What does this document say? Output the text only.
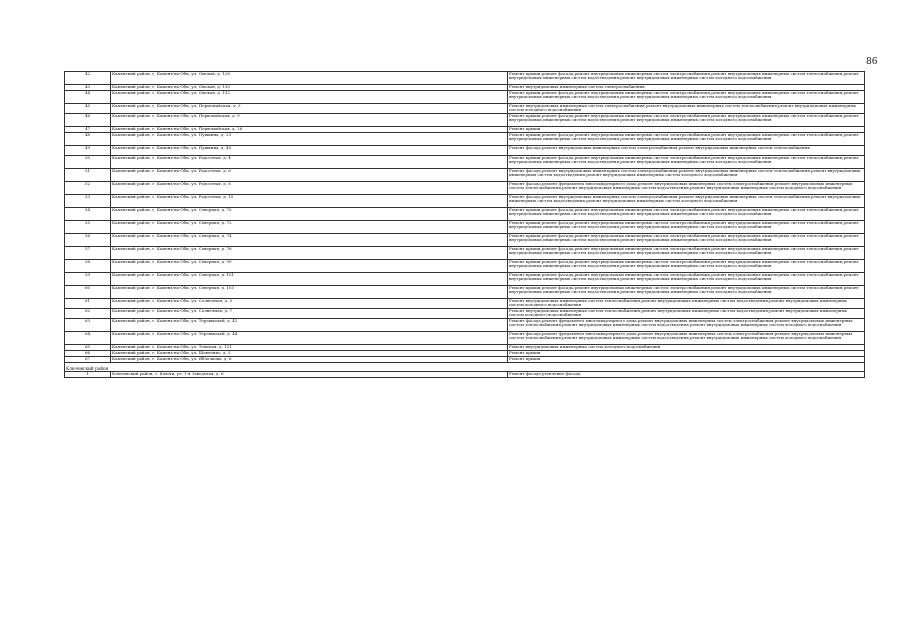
86
42	Каменский район, г. Камень-на-Оби, ул. Омская, д. 128	Ремонт крыши,ремонт фасада,ремонт внутридомовых инженерных систем электроснабжения,ремонт внутридомовых инженерных систем теплоснабжения,ремонт внутридомовых инженерных систем водоотведения,ремонт внутридомовых инженерных систем холодного водоснабжения
43	Каменский район, г. Камень-на-Оби, ул. Омская, д. 130	Ремонт внутридомовых инженерных систем электроснабжения
44	Каменский район, г. Камень-на-Оби, ул. Омская, д. 132	Ремонт крыши,ремонт фасада,ремонт внутридомовых инженерных систем электроснабжения,ремонт внутридомовых инженерных систем теплоснабжения,ремонт внутридомовых инженерных систем водоотведения,ремонт внутридомовых инженерных систем холодного водоснабжения
45	Каменский район, г. Камень-на-Оби, ул. Пермомайская, д. 3	Ремонт внутридомовых инженерных систем электроснабжения,ремонт внутридомовых инженерных систем теплоснабжения,ремонт внутридомовых инженерных систем холодного водоснабжения
46	Каменский район, г. Камень-на-Оби, ул. Первомайская, д. 9	Ремонт крыши,ремонт фасада,ремонт внутридомовых инженерных систем электроснабжения,ремонт внутридомовых инженерных систем теплоснабжения,ремонт внутридомовых инженерных систем водоотведения,ремонт внутридомовых инженерных систем холодного водоснабжения
47	Каменский район, г. Камень-на-Оби, ул. Первомайская, д. 26	Ремонт крыши
48	Каменский район, г. Камень-на-Оби, ул. Пушкина, д. 23	Ремонт крыши,ремонт фасада,ремонт внутридомовых инженерных систем электроснабжения,ремонт внутридомовых инженерных систем теплоснабжения,ремонт внутридомовых инженерных систем водоотведения,ремонт внутридомовых инженерных систем холодного водоснабжения
49	Каменский район, г. Камень-на-Оби, ул. Пушкина, д. 40	Ремонт фасада,ремонт внутридомовых инженерных систем электроснабжения,ремонт внутридомовых инженерных систем теплоснабжения
50	Каменский район, г. Камень-на-Оби, ул. Радостная, д. 4	Ремонт крыши,ремонт фасада,ремонт внутридомовых инженерных систем электроснабжения,ремонт внутридомовых инженерных систем теплоснабжения,ремонт внутридомовых инженерных систем водоотведения,ремонт внутридомовых инженерных систем холодного водоснабжения
51	Каменский район, г. Камень-на-Оби, ул. Радостная, д. 6	Ремонт фасада,ремонт внутридомовых инженерных систем электроснабжения,ремонт внутридомовых инженерных систем теплоснабжения,ремонт внутридомовых инженерных систем водоотведения,ремонт внутридомовых инженерных систем холодного водоснабжения
52	Каменский район, г. Камень-на-Оби, ул. Радостная, д. 8	Ремонт фасада,ремонт фундамента многоквартирного дома,ремонт внутридомовых инженерных систем электроснабжения,ремонт внутридомовых инженерных систем теплоснабжения,ремонт внутридомовых инженерных систем водоотведения,ремонт внутридомовых инженерных систем холодного водоснабжения
53	Каменский район, г. Камень-на-Оби, ул. Радостная, д. 10	Ремонт фасада,ремонт внутридомовых инженерных систем электроснабжения,ремонт внутридомовых инженерных систем теплоснабжения,ремонт внутридомовых инженерных систем водоотведения,ремонт внутридомовых инженерных систем холодного водоснабжения
54	Каменский район, г. Камень-на-Оби, ул. Северная, д. 70	Ремонт крыши,ремонт фасада,ремонт внутридомовых инженерных систем электроснабжения,ремонт внутридомовых инженерных систем теплоснабжения,ремонт внутридомовых инженерных систем водоотведения,ремонт внутридомовых инженерных систем холодного водоснабжения
55	Каменский район, г. Камень-на-Оби, ул. Северная, д. 72	Ремонт крыши,ремонт фасада,ремонт внутридомовых инженерных систем электроснабжения,ремонт внутридомовых инженерных систем теплоснабжения,ремонт внутридомовых инженерных систем водоотведения,ремонт внутридомовых инженерных систем холодного водоснабжения
56	Каменский район, г. Камень-на-Оби, ул. Северная, д. 74	Ремонт крыши,ремонт фасада,ремонт внутридомовых инженерных систем электроснабжения,ремонт внутридомовых инженерных систем теплоснабжения,ремонт внутридомовых инженерных систем водоотведения,ремонт внутридомовых инженерных систем холодного водоснабжения
57	Каменский район, г. Камень-на-Оби, ул. Северная, д. 76	Ремонт крыши,ремонт фасада,ремонт внутридомовых инженерных систем электроснабжения,ремонт внутридомовых инженерных систем теплоснабжения,ремонт внутридомовых инженерных систем водоотведения,ремонт внутридомовых инженерных систем холодного водоснабжения
58	Каменский район, г. Камень-на-Оби, ул. Северная, д. 99	Ремонт крыши,ремонт фасада,ремонт внутридомовых инженерных систем электроснабжения,ремонт внутридомовых инженерных систем теплоснабжения,ремонт внутридомовых инженерных систем водоотведения,ремонт внутридомовых инженерных систем холодного водоснабжения
59	Каменский район, г. Камень-на-Оби, ул. Северная, д. 101	Ремонт крыши,ремонт фасада,ремонт внутридомовых инженерных систем электроснабжения,ремонт внутридомовых инженерных систем теплоснабжения,ремонт внутридомовых инженерных систем водоотведения,ремонт внутридомовых инженерных систем холодного водоснабжения
60	Каменский район, г. Камень-на-Оби, ул. Северная, д. 103	Ремонт крыши,ремонт фасада,ремонт внутридомовых инженерных систем электроснабжения,ремонт внутридомовых инженерных систем теплоснабжения,ремонт внутридомовых инженерных систем водоотведения,ремонт внутридомовых инженерных систем холодного водоснабжения
61	Каменский район, г. Камень-на-Оби, ул. Солнечная, д. 5	Ремонт внутридомовых инженерных систем теплоснабжения,ремонт внутридомовых инженерных систем водоотведения,ремонт внутридомовых инженерных систем холодного водоснабжения
62	Каменский район, г. Камень-на-Оби, ул. Солнечная, д. 7	Ремонт внутридомовых инженерных систем теплоснабжения,ремонт внутридомовых инженерных систем водоотведения,ремонт внутридомовых инженерных систем холодного водоснабжения
63	Каменский район, г. Камень-на-Оби, ул. Терешковой, д. 42	Ремонт фасада,ремонт фундамента многоквартирного дома,ремонт внутридомовых инженерных систем электроснабжения,ремонт внутридомовых инженерных систем теплоснабжения,ремонт внутридомовых инженерных систем водоотведения,ремонт внутридомовых инженерных систем холодного водоснабжения
64	Каменский район, г. Камень-на-Оби, ул. Терешковой, д. 44	Ремонт фасада,ремонт фундамента многоквартирного дома,ремонт внутридомовых инженерных систем электроснабжения,ремонт внутридомовых инженерных систем теплоснабжения,ремонт внутридомовых инженерных систем водоотведения,ремонт внутридомовых инженерных систем холодного водоснабжения
65	Каменский район, г. Камень-на-Оби, ул. Томская, д. 121	Ремонт внутридомовых инженерных систем холодного водоснабжения
66	Каменский район, г. Камень-на-Оби, ул. Шевченко, д. 5	Ремонт крыши
67	Каменский район, г. Камень-на-Оби, ул. Яблочкова, д. 6	Ремонт крыши
Ключевский район		
1	Ключевский район, с. Ключи, ул. 1-я Заводская, д. 6	Ремонт фасада,утепление фасада
